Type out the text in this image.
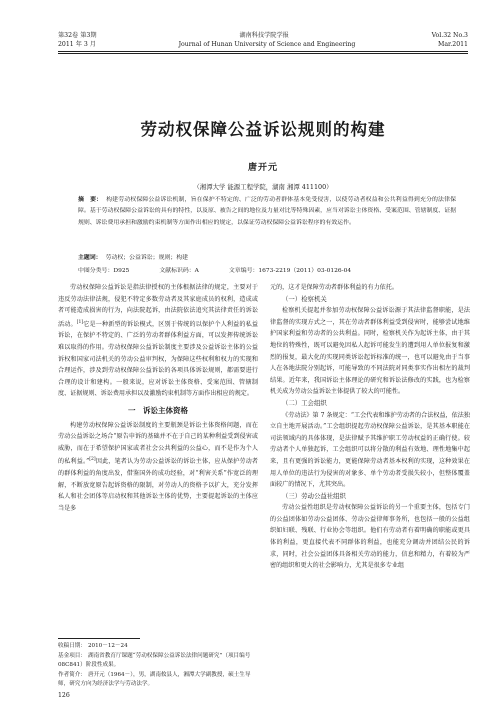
第32卷 第3期	湖南科技学院学报	Vol.32 No.3
2011 年 3 月	Journal of Hunan University of Science and Engineering	Mar.2011
劳动权保障公益诉讼规则的构建
唐开元
（湘潭大学 能源工程学院，湖南 湘潭 411100）
摘　要： 构建劳动权保障公益诉讼机制，旨在保护不特定的、广泛的劳动者群体基本免受侵害，以使劳动者权益和公共利益得到充分的法律保障。基于劳动权保障公益诉讼的具有的特性，以及原、被告之间的地位及力量对比等特殊因素，应当对诉讼主体资格、受案范围、管辖制度、证据规则、诉讼费用承担和激励约束机制等方面作出相应的规定，以保证劳动权保障公益诉讼程序的有效运作。
主题词： 劳动权；公益诉讼；规则；构建
中图分类号：D925	文献标识码：A	文章编号：1673-2219（2011）03-0126-04

劳动权保障公益诉讼是指法律授权的主体根据法律的规定，主要对于违反劳动法律法规，侵犯不特定多数劳动者及其家庭成员的权利，造成或者可能造成损害的行为，向法院起诉，由法院依法追究其法律责任的诉讼活动。[1]它是一种新型的诉讼模式，区别于传统的以保护个人利益的私益诉讼，在保护不特定的、广泛的劳动者群体利益方面，可以发挥传统诉讼难以取得的作用。劳动权保障公益诉讼制度主要涉及公益诉讼主体的公益诉权和国家司法机关的劳动公益审判权，为保障这些权利和权力的实现和合理运作，涉及到劳动权保障公益诉讼的各项具体诉讼规则，都需要进行合理的设计和建构。一般来说，应对诉讼主体资格、受案范围、管辖制度、证据规则、诉讼费用承担以及激励约束机制等方面作出相应的规定。

一　诉讼主体资格

构建劳动权保障公益诉讼制度的主要瓶颈是诉讼主体资格问题，而在劳动公益诉讼之场合“原告申诉的基础并不在于自己的某种利益受到侵害或威胁，而在于希望保护国家或者社会公共利益的公益心，而不是作为个人的私利益。”[2]因此，笔者认为劳动公益诉讼的诉讼主体，应从保护劳动者的群体利益的角度出发，借鉴国外的成功经验，对“利害关系”作宽泛的理解，不断放宽原告起诉资格的限制，对劳动人的资格予以扩大，充分发挥私人和社会团体等启动权和其他诉讼主体的优势，主要提起诉讼的主体应当是多

元的，这才是保障劳动者群体利益的有力依托。

（一）检察机关

检察机关提起并参加劳动权保障公益诉讼源于其法律监督职能，是法律监督的实现方式之一，其在劳动者群体利益受到侵害时，能够尝试地维护国家利益和劳动者的公共利益。同时，检察机关作为起诉主体，由于其地位的特殊性，既可以避免因私人起诉可能发生的遭到用人单位报复和激烈的报复，最大化的实现同类诉讼起诉标准的统一，也可以避免由于当事人在各地法院分别起诉，可能导致的不同法院对同类事实作出相左的裁判结果。近年来，我国诉讼主体理论的研究和诉讼法修改的实践，也为检察机关成为劳动公益诉讼主体提供了较大的可能性。

（二）工会组织

《劳动法》第 7 条规定：“工会代表和维护劳动者的合法权益，依法独立自主地开展活动。”工会组织提起劳动权保障公益诉讼，是其基本职能在司法领域内的具体体现，是法律赋予其维护职工劳动权益的正确行使。较劳动者个人单独起诉，工会组织可以将分散的利益有效地、理性地集中起来，且有更强的诉讼能力，更能保障劳动者基本权利的实现，这种效果在用人单位的违法行为侵害的对象多、单个劳动者受损失较小，但整体覆盖面较广的情况下，尤其突出。

（三）劳动公益社组织

劳动公益性组织是劳动权保障公益诉讼的另一个重要主体，包括专门的公益团体如劳动公益团体、劳动公益律师事务所，也包括一般的公益组织如妇联、残联、行业协会等组织。他们有劳动者有着明确的职能或更具体的利益，更直接代表不同群体的利益，也能充分调动并团结公民的诉求，同时，社会公益团体具备相关劳动的能力，信息和精力，有着较为严密的组织和更大的社会影响力，尤其是很多专业组

收稿日期： 2010－12－24
基金项目： 湖南省教育厅课题“劳动权保障公益诉讼法律问题研究”（项目编号 08C841）阶段性成果。
作者简介： 唐开元（1964－），男，湖南攸县人，湘潭大学副教授，硕士生导师，研究方向为经济法学与劳动法学。
126
